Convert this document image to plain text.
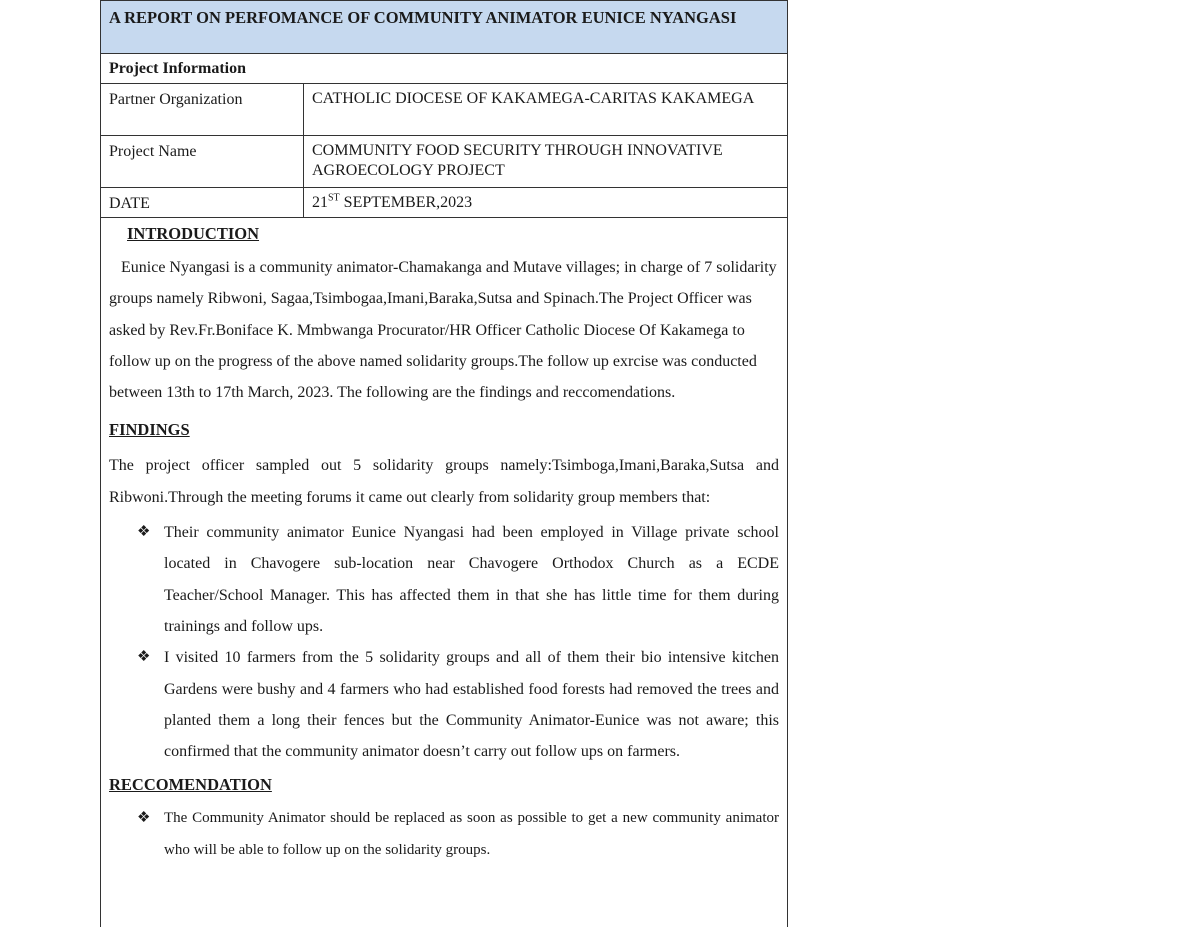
A REPORT ON PERFOMANCE OF COMMUNITY ANIMATOR EUNICE NYANGASI
Project Information
Partner Organization	CATHOLIC DIOCESE OF KAKAMEGA-CARITAS KAKAMEGA
Project Name	COMMUNITY FOOD SECURITY THROUGH INNOVATIVE AGROECOLOGY PROJECT
DATE	21ST SEPTEMBER,2023
INTRODUCTION

Eunice Nyangasi is a community animator-Chamakanga and Mutave villages; in charge of 7 solidarity groups namely Ribwoni, Sagaa,Tsimbogaa,Imani,Baraka,Sutsa and Spinach.The Project Officer was asked by Rev.Fr.Boniface K. Mmbwanga Procurator/HR Officer Catholic Diocese Of Kakamega to follow up on the progress of the above named solidarity groups.The follow up exrcise was conducted between 13th to 17th March, 2023. The following are the findings and reccomendations.

FINDINGS

The project officer sampled out 5 solidarity groups namely:Tsimboga,Imani,Baraka,Sutsa and Ribwoni.Through the meeting forums it came out clearly from solidarity group members that:

❖ Their community animator Eunice Nyangasi had been employed in Village private school located in Chavogere sub-location near Chavogere Orthodox Church as a ECDE Teacher/School Manager. This has affected them in that she has little time for them during trainings and follow ups.
❖ I visited 10 farmers from the 5 solidarity groups and all of them their bio intensive kitchen Gardens were bushy and 4 farmers who had established food forests had removed the trees and planted them a long their fences but the Community Animator-Eunice was not aware; this confirmed that the community animator doesn’t carry out follow ups on farmers.
RECCOMENDATION
❖ The Community Animator should be replaced as soon as possible to get a new community animator who will be able to follow up on the solidarity groups.
